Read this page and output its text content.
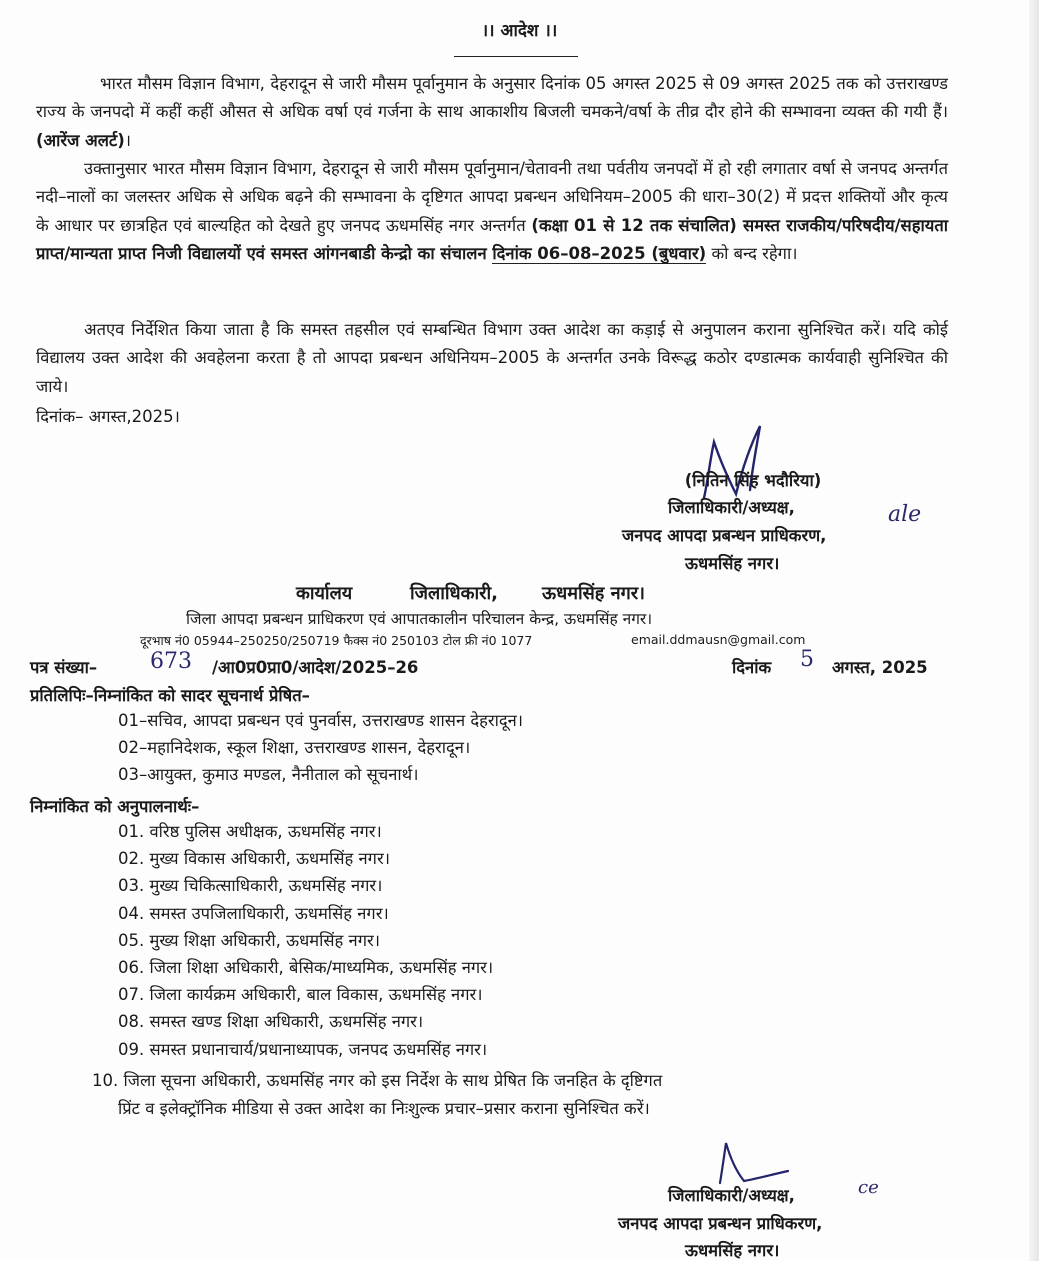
।। आदेश ।।

भारत मौसम विज्ञान विभाग, देहरादून से जारी मौसम पूर्वानुमान के अनुसार दिनांक 05 अगस्त 2025 से 09 अगस्त 2025 तक को उत्तराखण्ड राज्य के जनपदो में कहीं कहीं औसत से अधिक वर्षा एवं गर्जना के साथ आकाशीय बिजली चमकने/वर्षा के तीव्र दौर होने की सम्भावना व्यक्त की गयी हैं। (आरेंज अलर्ट)।

उक्तानुसार भारत मौसम विज्ञान विभाग, देहरादून से जारी मौसम पूर्वानुमान/चेतावनी तथा पर्वतीय जनपदों में हो रही लगातार वर्षा से जनपद अन्तर्गत नदी–नालों का जलस्तर अधिक से अधिक बढ़ने की सम्भावना के दृष्टिगत आपदा प्रबन्धन अधिनियम–2005 की धारा–30(2) में प्रदत्त शक्तियों और कृत्य के आधार पर छात्रहित एवं बाल्यहित को देखते हुए जनपद ऊधमसिंह नगर अन्तर्गत (कक्षा 01 से 12 तक संचालित) समस्त राजकीय/परिषदीय/सहायता प्राप्त/मान्यता प्राप्त निजी विद्यालयों एवं समस्त आंगनबाडी केन्द्रो का संचालन दिनांक 06–08–2025 (बुधवार) को बन्द रहेगा।

अतएव निर्देशित किया जाता है कि समस्त तहसील एवं सम्बन्धित विभाग उक्त आदेश का कड़ाई से अनुपालन कराना सुनिश्चित करें। यदि कोई विद्यालय उक्त आदेश की अवहेलना करता है तो आपदा प्रबन्धन अधिनियम–2005 के अन्तर्गत उनके विरूद्ध कठोर दण्डात्मक कार्यवाही सुनिश्चित की जाये।

दिनांक– अगस्त,2025।
(नितिन सिंह भदौरिया)
जिलाधिकारी/अध्यक्ष,	ale
जनपद आपदा प्रबन्धन प्राधिकरण,
ऊधमसिंह नगर।
कार्यालय	जिलाधिकारी, ऊधमसिंह नगर।
जिला आपदा प्रबन्धन प्राधिकरण एवं आपातकालीन परिचालन केन्द्र, ऊधमसिंह नगर।
दूरभाष नं0 05944–250250/250719 फैक्स नं0 250103 टोल फ्री नं0 1077	email.ddmausn@gmail.com
पत्र संख्या– 673 /आ0प्र0प्रा0/आदेश/2025–26	दिनांक 5 अगस्त, 2025
प्रतिलिपिः–निम्नांकित को सादर सूचनार्थ प्रेषित–
01–सचिव, आपदा प्रबन्धन एवं पुनर्वास, उत्तराखण्ड शासन देहरादून।
02–महानिदेशक, स्कूल शिक्षा, उत्तराखण्ड शासन, देहरादून।
03–आयुक्त, कुमाउ मण्डल, नैनीताल को सूचनार्थ।
निम्नांकित को अनुपालनार्थः–
01. वरिष्ठ पुलिस अधीक्षक, ऊधमसिंह नगर।
02. मुख्य विकास अधिकारी, ऊधमसिंह नगर।
03. मुख्य चिकित्साधिकारी, ऊधमसिंह नगर।
04. समस्त उपजिलाधिकारी, ऊधमसिंह नगर।
05. मुख्य शिक्षा अधिकारी, ऊधमसिंह नगर।
06. जिला शिक्षा अधिकारी, बेसिक/माध्यमिक, ऊधमसिंह नगर।
07. जिला कार्यक्रम अधिकारी, बाल विकास, ऊधमसिंह नगर।
08. समस्त खण्ड शिक्षा अधिकारी, ऊधमसिंह नगर।
09. समस्त प्रधानाचार्य/प्रधानाध्यापक, जनपद ऊधमसिंह नगर।
10. जिला सूचना अधिकारी, ऊधमसिंह नगर को इस निर्देश के साथ प्रेषित कि जनहित के दृष्टिगत
प्रिंट व इलेक्ट्रॉनिक मीडिया से उक्त आदेश का निःशुल्क प्रचार–प्रसार कराना सुनिश्चित करें।
जिलाधिकारी/अध्यक्ष,	ce
जनपद आपदा प्रबन्धन प्राधिकरण,
ऊधमसिंह नगर।
